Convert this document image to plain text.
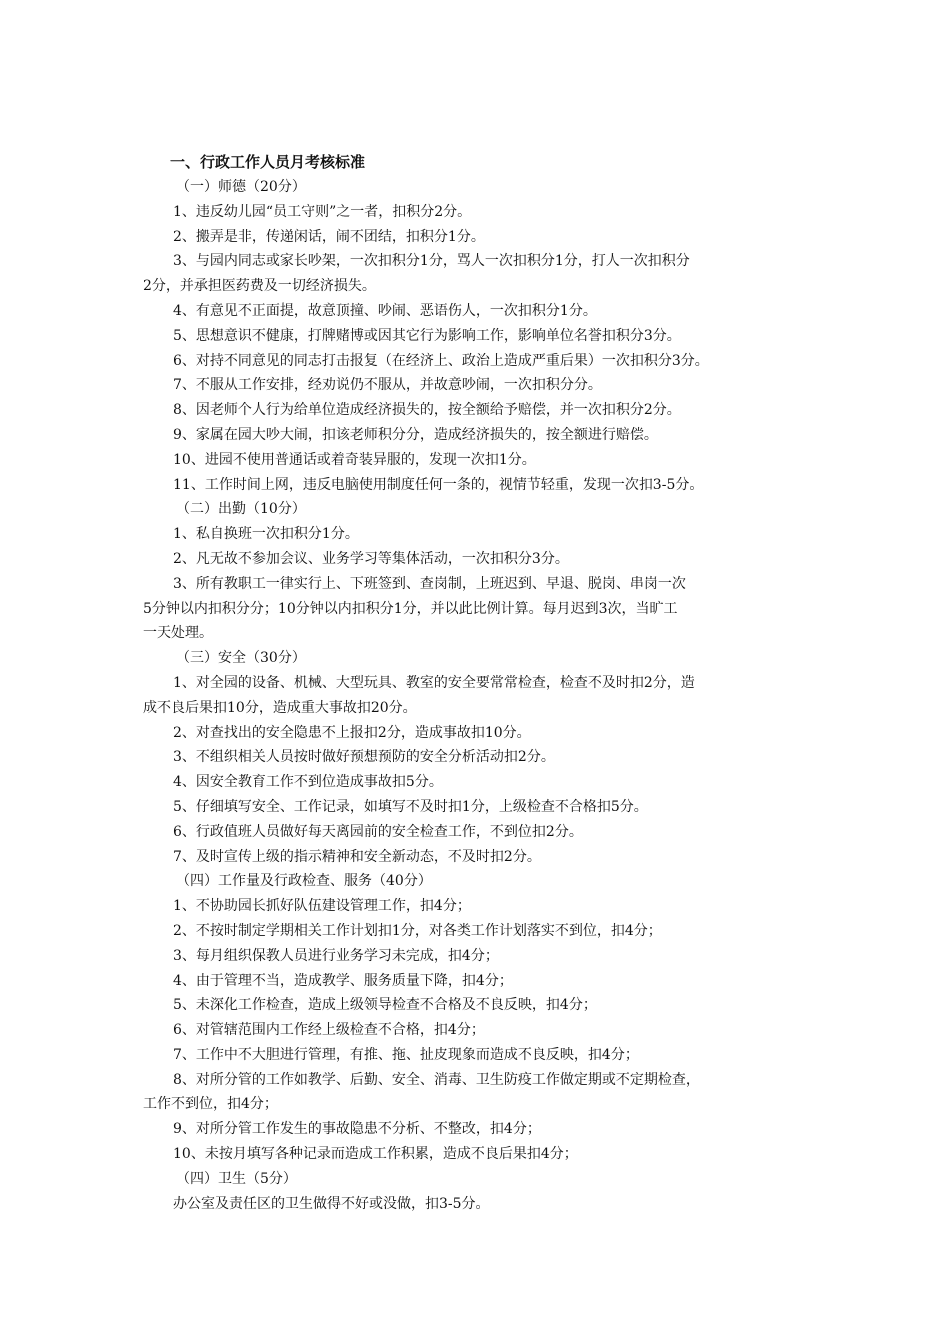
一、行政工作人员月考核标准

（一）师德（20分）

1、违反幼儿园“员工守则”之一者，扣积分2分。

2、搬弄是非，传递闲话，闹不团结，扣积分1分。

3、与园内同志或家长吵架，一次扣积分1分，骂人一次扣积分1分，打人一次扣积分

2分，并承担医药费及一切经济损失。

4、有意见不正面提，故意顶撞、吵闹、恶语伤人，一次扣积分1分。

5、思想意识不健康，打牌赌博或因其它行为影响工作，影响单位名誉扣积分3分。

6、对持不同意见的同志打击报复（在经济上、政治上造成严重后果）一次扣积分3分。

7、不服从工作安排，经劝说仍不服从，并故意吵闹，一次扣积分分。

8、因老师个人行为给单位造成经济损失的，按全额给予赔偿，并一次扣积分2分。

9、家属在园大吵大闹，扣该老师积分分，造成经济损失的，按全额进行赔偿。

10、进园不使用普通话或着奇装异服的，发现一次扣1分。

11、工作时间上网，违反电脑使用制度任何一条的，视情节轻重，发现一次扣3-5分。

（二）出勤（10分）

1、私自换班一次扣积分1分。

2、凡无故不参加会议、业务学习等集体活动，一次扣积分3分。

3、所有教职工一律实行上、下班签到、查岗制，上班迟到、早退、脱岗、串岗一次

5分钟以内扣积分分；10分钟以内扣积分1分，并以此比例计算。每月迟到3次，当旷工

一天处理。

（三）安全（30分）

1、对全园的设备、机械、大型玩具、教室的安全要常常检查，检查不及时扣2分，造

成不良后果扣10分，造成重大事故扣20分。

2、对查找出的安全隐患不上报扣2分，造成事故扣10分。

3、不组织相关人员按时做好预想预防的安全分析活动扣2分。

4、因安全教育工作不到位造成事故扣5分。

5、仔细填写安全、工作记录，如填写不及时扣1分，上级检查不合格扣5分。

6、行政值班人员做好每天离园前的安全检查工作，不到位扣2分。

7、及时宣传上级的指示精神和安全新动态，不及时扣2分。

（四）工作量及行政检查、服务（40分）

1、不协助园长抓好队伍建设管理工作，扣4分；

2、不按时制定学期相关工作计划扣1分，对各类工作计划落实不到位，扣4分；

3、每月组织保教人员进行业务学习未完成，扣4分；

4、由于管理不当，造成教学、服务质量下降，扣4分；

5、未深化工作检查，造成上级领导检查不合格及不良反映，扣4分；

6、对管辖范围内工作经上级检查不合格，扣4分；

7、工作中不大胆进行管理，有推、拖、扯皮现象而造成不良反映，扣4分；

8、对所分管的工作如教学、后勤、安全、消毒、卫生防疫工作做定期或不定期检查，

工作不到位，扣4分；

9、对所分管工作发生的事故隐患不分析、不整改，扣4分；

10、未按月填写各种记录而造成工作积累，造成不良后果扣4分；

（四）卫生（5分）

办公室及责任区的卫生做得不好或没做，扣3-5分。
